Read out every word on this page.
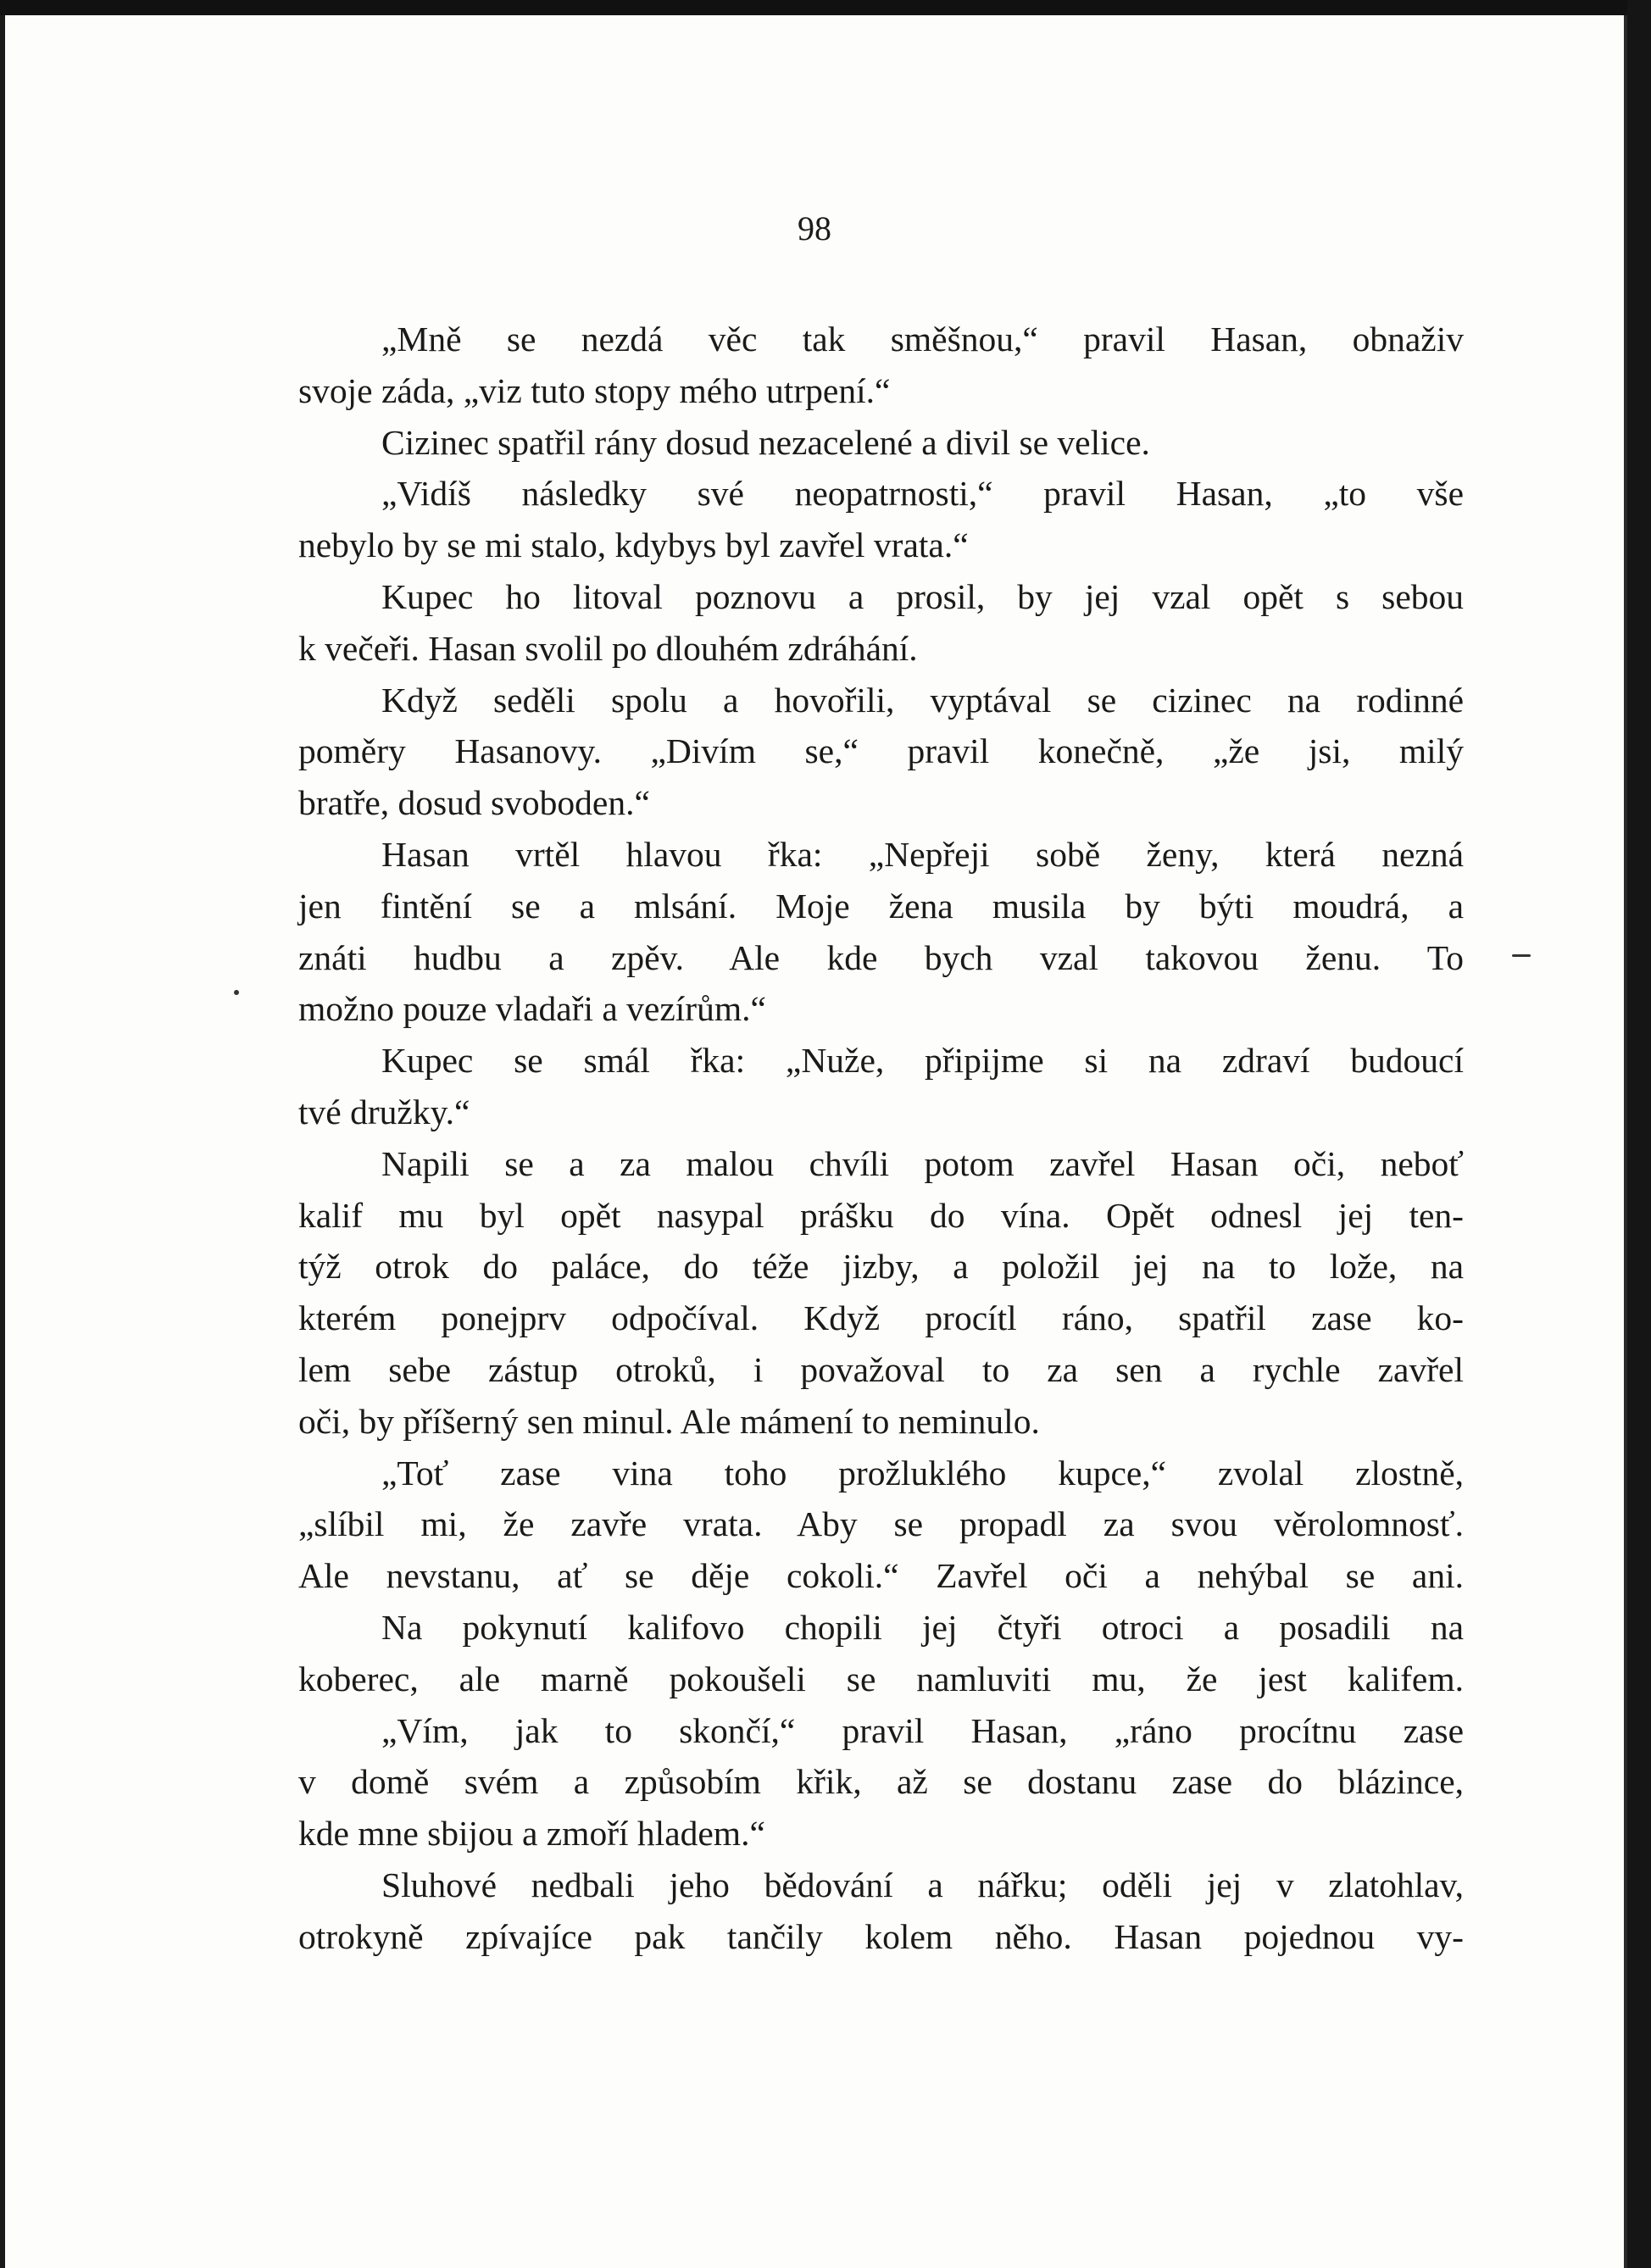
98
„Mně se nezdá věc tak směšnou,“ pravil Hasan, obnaživ
svoje záda, „viz tuto stopy mého utrpení.“
Cizinec spatřil rány dosud nezacelené a divil se velice.
„Vidíš následky své neopatrnosti,“ pravil Hasan, „to vše
nebylo by se mi stalo, kdybys byl zavřel vrata.“
Kupec ho litoval poznovu a prosil, by jej vzal opět s sebou
k večeři. Hasan svolil po dlouhém zdráhání.
Když seděli spolu a hovořili, vyptával se cizinec na rodinné
poměry Hasanovy. „Divím se,“ pravil konečně, „že jsi, milý
bratře, dosud svoboden.“
Hasan vrtěl hlavou řka: „Nepřeji sobě ženy, která nezná
jen fintění se a mlsání. Moje žena musila by býti moudrá, a
znáti hudbu a zpěv. Ale kde bych vzal takovou ženu. To
možno pouze vladaři a vezírům.“
Kupec se smál řka: „Nuže, připijme si na zdraví budoucí
tvé družky.“
Napili se a za malou chvíli potom zavřel Hasan oči, neboť
kalif mu byl opět nasypal prášku do vína. Opět odnesl jej ten-
týž otrok do paláce, do téže jizby, a položil jej na to lože, na
kterém ponejprv odpočíval. Když procítl ráno, spatřil zase ko-
lem sebe zástup otroků, i považoval to za sen a rychle zavřel
oči, by příšerný sen minul. Ale mámení to neminulo.
„Toť zase vina toho prožluklého kupce,“ zvolal zlostně,
„slíbil mi, že zavře vrata. Aby se propadl za svou věrolomnosť.
Ale nevstanu, ať se děje cokoli.“ Zavřel oči a nehýbal se ani.
Na pokynutí kalifovo chopili jej čtyři otroci a posadili na
koberec, ale marně pokoušeli se namluviti mu, že jest kalifem.
„Vím, jak to skončí,“ pravil Hasan, „ráno procítnu zase
v domě svém a způsobím křik, až se dostanu zase do blázince,
kde mne sbijou a zmoří hladem.“
Sluhové nedbali jeho bědování a nářku; oděli jej v zlatohlav,
otrokyně zpívajíce pak tančily kolem něho. Hasan pojednou vy-
